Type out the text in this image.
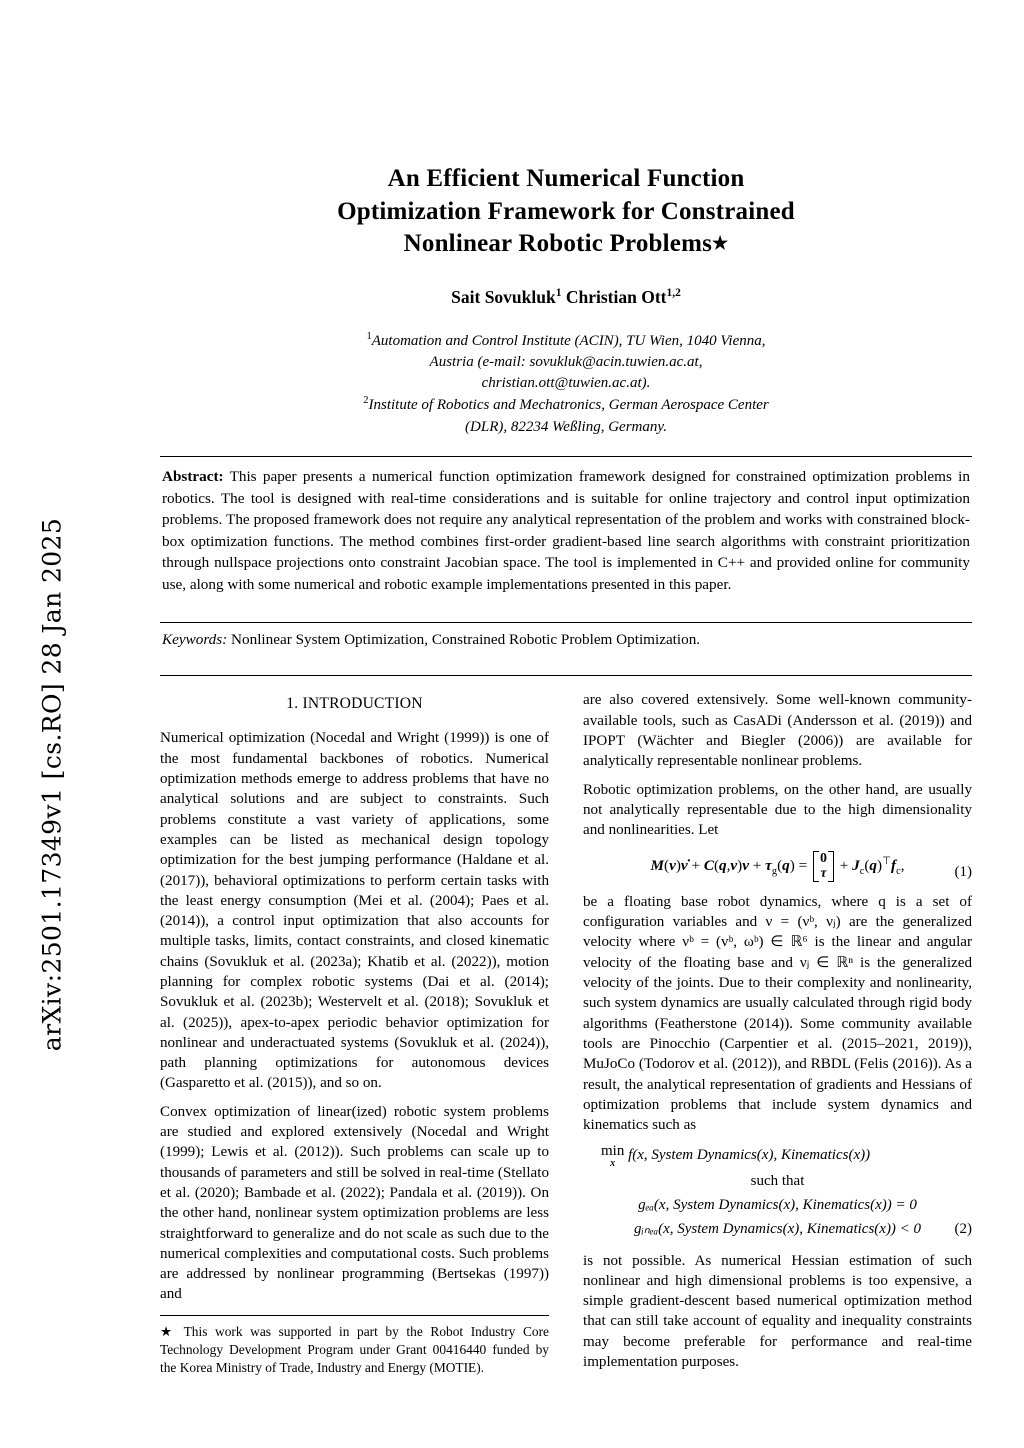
arXiv:2501.17349v1 [cs.RO] 28 Jan 2025
An Efficient Numerical Function
Optimization Framework for Constrained
Nonlinear Robotic Problems★
Sait Sovukluk$^1$ Christian Ott$^{1,2}$
$^1$Automation and Control Institute (ACIN), TU Wien, 1040 Vienna,
Austria (e-mail: sovukluk@acin.tuwien.ac.at,
christian.ott@tuwien.ac.at).
$^2$Institute of Robotics and Mechatronics, German Aerospace Center
(DLR), 82234 Weßling, Germany.
Abstract: This paper presents a numerical function optimization framework designed for constrained optimization problems in robotics. The tool is designed with real-time considerations and is suitable for online trajectory and control input optimization problems. The proposed framework does not require any analytical representation of the problem and works with constrained block-box optimization functions. The method combines first-order gradient-based line search algorithms with constraint prioritization through nullspace projections onto constraint Jacobian space. The tool is implemented in C++ and provided online for community use, along with some numerical and robotic example implementations presented in this paper.
Keywords: Nonlinear System Optimization, Constrained Robotic Problem Optimization.
1. INTRODUCTION

Numerical optimization (Nocedal and Wright (1999)) is one of the most fundamental backbones of robotics. Numerical optimization methods emerge to address problems that have no analytical solutions and are subject to constraints. Such problems constitute a vast variety of applications, some examples can be listed as mechanical design topology optimization for the best jumping performance (Haldane et al. (2017)), behavioral optimizations to perform certain tasks with the least energy consumption (Mei et al. (2004); Paes et al. (2014)), a control input optimization that also accounts for multiple tasks, limits, contact constraints, and closed kinematic chains (Sovukluk et al. (2023a); Khatib et al. (2022)), motion planning for complex robotic systems (Dai et al. (2014); Sovukluk et al. (2023b); Westervelt et al. (2018); Sovukluk et al. (2025)), apex-to-apex periodic behavior optimization for nonlinear and underactuated systems (Sovukluk et al. (2024)), path planning optimizations for autonomous devices (Gasparetto et al. (2015)), and so on.

Convex optimization of linear(ized) robotic system problems are studied and explored extensively (Nocedal and Wright (1999); Lewis et al. (2012)). Such problems can scale up to thousands of parameters and still be solved in real-time (Stellato et al. (2020); Bambade et al. (2022); Pandala et al. (2019)). On the other hand, nonlinear system optimization problems are less straightforward to generalize and do not scale as such due to the numerical complexities and computational costs. Such problems are addressed by nonlinear programming (Bertsekas (1997)) and

★ This work was supported in part by the Robot Industry Core Technology Development Program under Grant 00416440 funded by the Korea Ministry of Trade, Industry and Energy (MOTIE).

are also covered extensively. Some well-known community-available tools, such as CasADi (Andersson et al. (2019)) and IPOPT (Wächter and Biegler (2006)) are available for analytically representable nonlinear problems.

Robotic optimization problems, on the other hand, are usually not analytically representable due to the high dimensionality and nonlinearities. Let

M(ν)ν̇ + $C(q,\nu)\nu + \tau_g(q) = 0$
τ
+ $J_c(q)^⊤f_c$,	(1)

be a floating base robot dynamics, where q is a set of configuration variables and ν = (νᵇ, νⱼ) are the generalized velocity where νᵇ = (vᵇ, ωᵇ) ∈ ℝ⁶ is the linear and angular velocity of the floating base and νⱼ ∈ ℝⁿ is the generalized velocity of the joints. Due to their complexity and nonlinearity, such system dynamics are usually calculated through rigid body algorithms (Featherstone (2014)). Some community available tools are Pinocchio (Carpentier et al. (2015–2021, 2019)), MuJoCo (Todorov et al. (2012)), and RBDL (Felis (2016)). As a result, the analytical representation of gradients and Hessians of optimization problems that include system dynamics and kinematics such as

min
x f(x, System Dynamics(x), Kinematics(x))
such that
gₑₐ(x, System Dynamics(x), Kinematics(x)) = 0
gᵢₙₑₐ(x, System Dynamics(x), Kinematics(x)) < 0	(2)

is not possible. As numerical Hessian estimation of such nonlinear and high dimensional problems is too expensive, a simple gradient-descent based numerical optimization method that can still take account of equality and inequality constraints may become preferable for performance and real-time implementation purposes.
